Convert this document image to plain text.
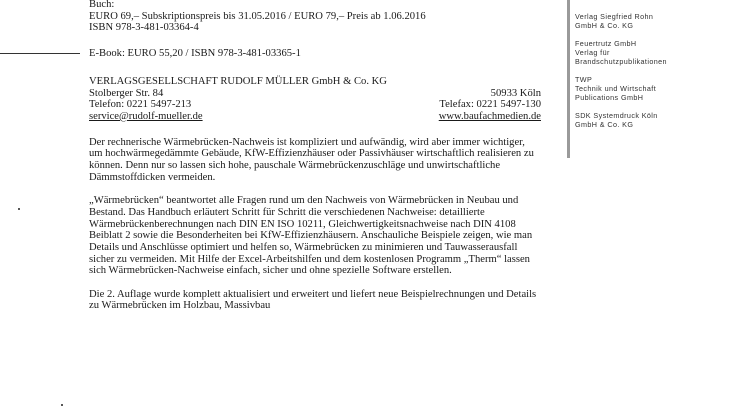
Buch:

EURO 69,– Subskriptionspreis bis 31.05.2016 / EURO 79,– Preis ab 1.06.2016

ISBN 978-3-481-03364-4

E-Book: EURO 55,20 / ISBN 978-3-481-03365-1

VERLAGSGESELLSCHAFT RUDOLF MÜLLER GmbH & Co. KG

Stolberger Str. 84	50933 Köln
Telefon: 0221 5497-213	Telefax: 0221 5497-130
service@rudolf-mueller.de	www.baufachmedien.de

Der rechnerische Wärmebrücken-Nachweis ist kompliziert und aufwändig, wird aber immer wichtiger, um hochwärmegedämmte Gebäude, KfW-Effizienzhäuser oder Passivhäuser wirtschaftlich realisieren zu können. Denn nur so lassen sich hohe, pauschale Wärmebrückenzuschläge und unwirtschaftliche Dämmstoffdicken vermeiden.

„Wärmebrücken“ beantwortet alle Fragen rund um den Nachweis von Wärmebrücken in Neubau und Bestand. Das Handbuch erläutert Schritt für Schritt die verschiedenen Nachweise: detaillierte Wärmebrückenberechnungen nach DIN EN ISO 10211, Gleichwertigkeitsnachweise nach DIN 4108 Beiblatt 2 sowie die Besonderheiten bei KfW-Effizienzhäusern. Anschauliche Beispiele zeigen, wie man Details und Anschlüsse optimiert und helfen so, Wärmebrücken zu minimieren und Tauwasserausfall sicher zu vermeiden. Mit Hilfe der Excel-Arbeitshilfen und dem kostenlosen Programm „Therm“ lassen sich Wärmebrücken-Nachweise einfach, sicher und ohne spezielle Software erstellen.

Die 2. Auflage wurde komplett aktualisiert und erweitert und liefert neue Beispielrechnungen und Details zu Wärmebrücken im Holzbau, Massivbau

Verlag Siegfried Rohn
GmbH & Co. KG
Feuertrutz GmbH
Verlag für
Brandschutzpublikationen
TWP
Technik und Wirtschaft
Publications GmbH
SDK Systemdruck Köln
GmbH & Co. KG
